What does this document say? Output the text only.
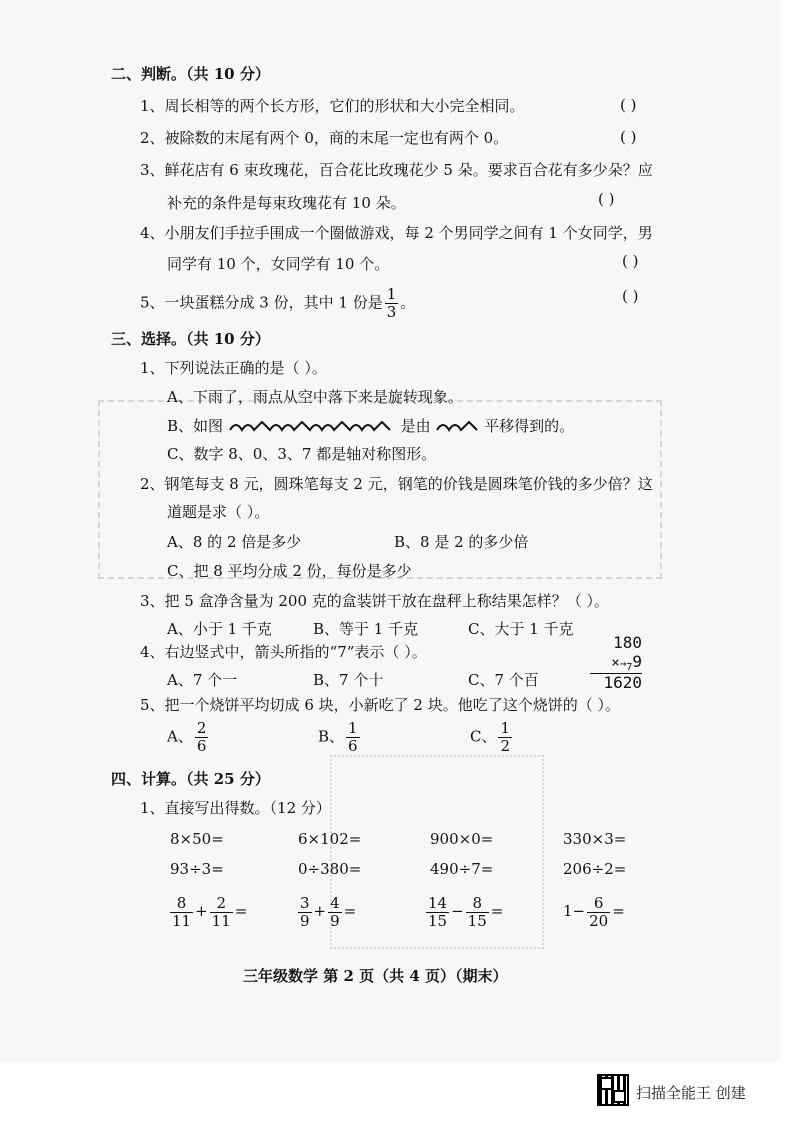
二、判断。（共 10 分）
1、周长相等的两个长方形，它们的形状和大小完全相同。	( )
2、被除数的末尾有两个 0，商的末尾一定也有两个 0。	( )
3、鲜花店有 6 束玫瑰花，百合花比玫瑰花少 5 朵。要求百合花有多少朵？应
补充的条件是每束玫瑰花有 10 朵。	( )
4、小朋友们手拉手围成一个圈做游戏，每 2 个男同学之间有 1 个女同学，男
同学有 10 个，女同学有 10 个。	( )
5、一块蛋糕分成 3 份，其中 1 份是 $\frac{1}{3}$ 。	( )
三、选择。（共 10 分）
1、下列说法正确的是（ ）。
A、下雨了，雨点从空中落下来是旋转现象。
B、如图	是由	平移得到的。
C、数字 8、0、3、7 都是轴对称图形。
2、钢笔每支 8 元，圆珠笔每支 2 元，钢笔的价钱是圆珠笔价钱的多少倍？这
道题是求（ ）。
A、8 的 2 倍是多少	B、8 是 2 的多少倍
C、把 8 平均分成 2 份，每份是多少
3、把 5 盒净含量为 200 克的盒装饼干放在盘秤上称结果怎样？（ ）。
A、小于 1 千克	B、等于 1 千克	C、大于 1 千克
4、右边竖式中，箭头所指的“7”表示（ ）。
A、7 个一	B、7 个十	C、7 个百
180
$\times\to_79$
1620
5、把一个烧饼平均切成 6 块，小新吃了 2 块。他吃了这个烧饼的（ ）。
A、 $\frac{2}{6}$	B、 $\frac{1}{6}$	C、 $\frac{1}{2}$
四、计算。（共 25 分）
1、直接写出得数。（12 分）
8×50=	6×102=	900×0=	330×3=
93÷3=	0÷380=	490÷7=	206÷2=
$\frac{8}{11} + \frac{2}{11}$ =	$\frac{3}{9} + \frac{4}{9}$ =	$\frac{14}{15} - \frac{8}{15}$ =	$1- \frac{6}{20}$ =
三年级数学 第 2 页（共 4 页）（期末）
扫描全能王 创建
